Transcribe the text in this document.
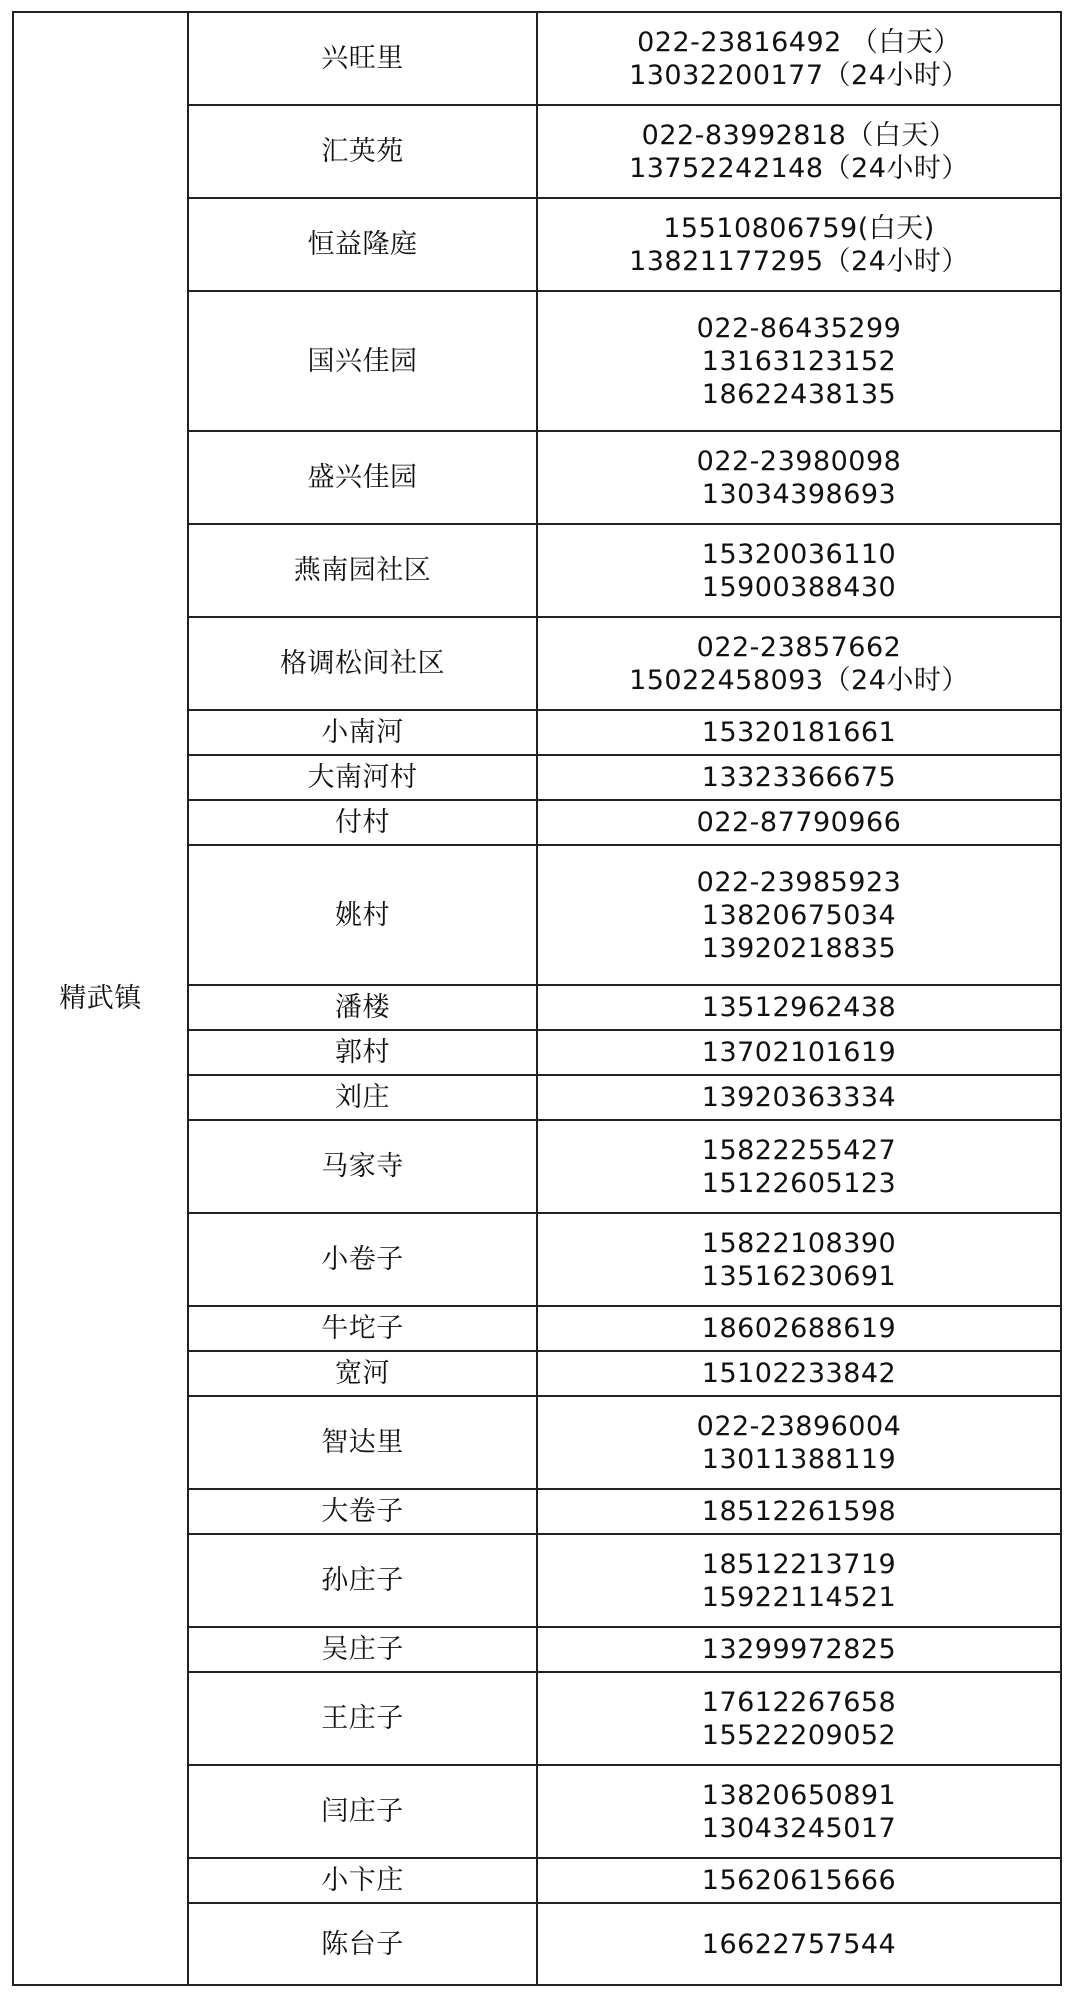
精武镇	兴旺里	022-23816492 （白天）
13032200177（24小时）

	汇英苑	022-83992818（白天）
13752242148（24小时）

	恒益隆庭	15510806759(白天)
13821177295（24小时）

	国兴佳园	022-86435299
13163123152
18622438135

	盛兴佳园	022-23980098
13034398693

	燕南园社区	15320036110
15900388430

	格调松间社区	022-23857662
15022458093（24小时）

	小南河	15320181661

	大南河村	13323366675

	付村	022-87790966

	姚村	022-23985923
13820675034
13920218835

	潘楼	13512962438

	郭村	13702101619

	刘庄	13920363334

	马家寺	15822255427
15122605123

	小卷子	15822108390
13516230691

	牛坨子	18602688619

	宽河	15102233842

	智达里	022-23896004
13011388119

	大卷子	18512261598

	孙庄子	18512213719
15922114521

	吴庄子	13299972825

	王庄子	17612267658
15522209052

	闫庄子	13820650891
13043245017

	小卞庄	15620615666

	陈台子	16622757544
